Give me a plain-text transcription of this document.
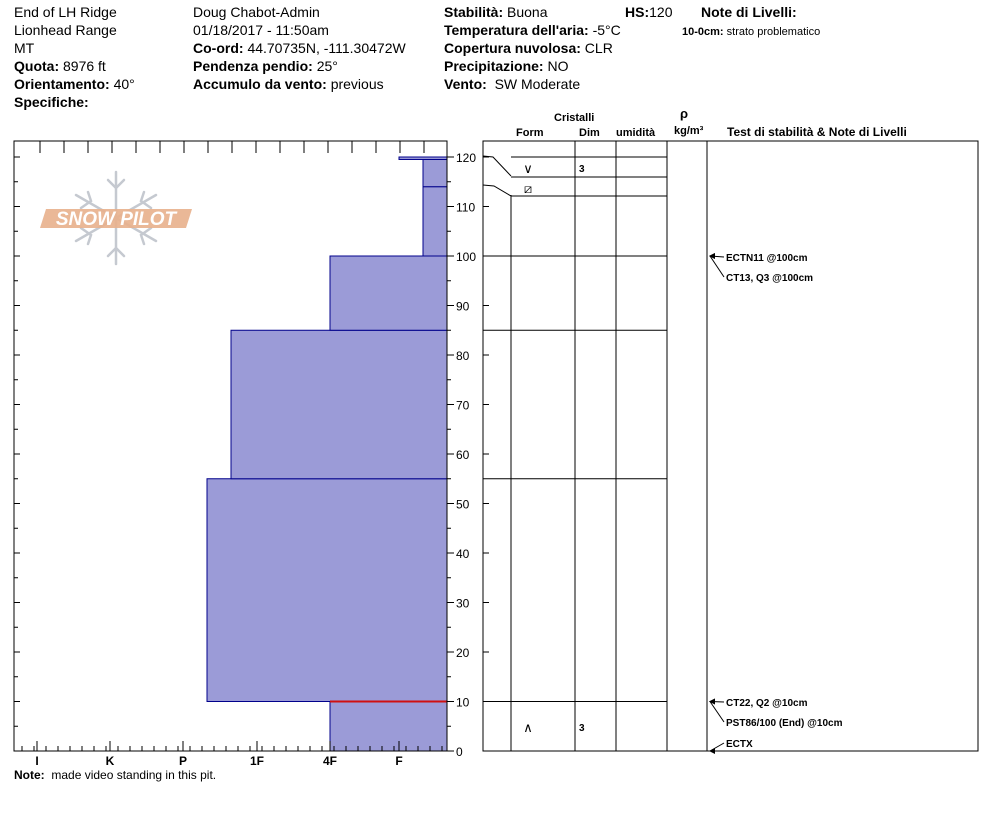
End of LH Ridge
Lionhead Range
MT
Quota: 8976 ft
Orientamento: 40°
Specifiche:
Doug Chabot-Admin
01/18/2017 - 11:50am
Co-ord: 44.70735N, -111.30472W
Pendenza pendio: 25°
Accumulo da vento: previous
Stabilità: Buona	HS:120
Temperatura dell'aria: -5°C
Copertura nuvolosa: CLR
Precipitazione: NO
Vento: SW Moderate
Note di Livelli:
10-0cm: strato problematico
Cristalli
Form	Dim umidità
ρ
kg/m³ Test di stabilità & Note di Livelli
SNOW PILOT
0
10
20
30
40
50
60
70
80
90
100
110
120
I	K	P	1F	4F	F
∨	3
⧄
∧	3
ECTN11 @100cm
CT13, Q3 @100cm
CT22, Q2 @10cm
PST86/100 (End) @10cm
ECTX
Note: made video standing in this pit.
